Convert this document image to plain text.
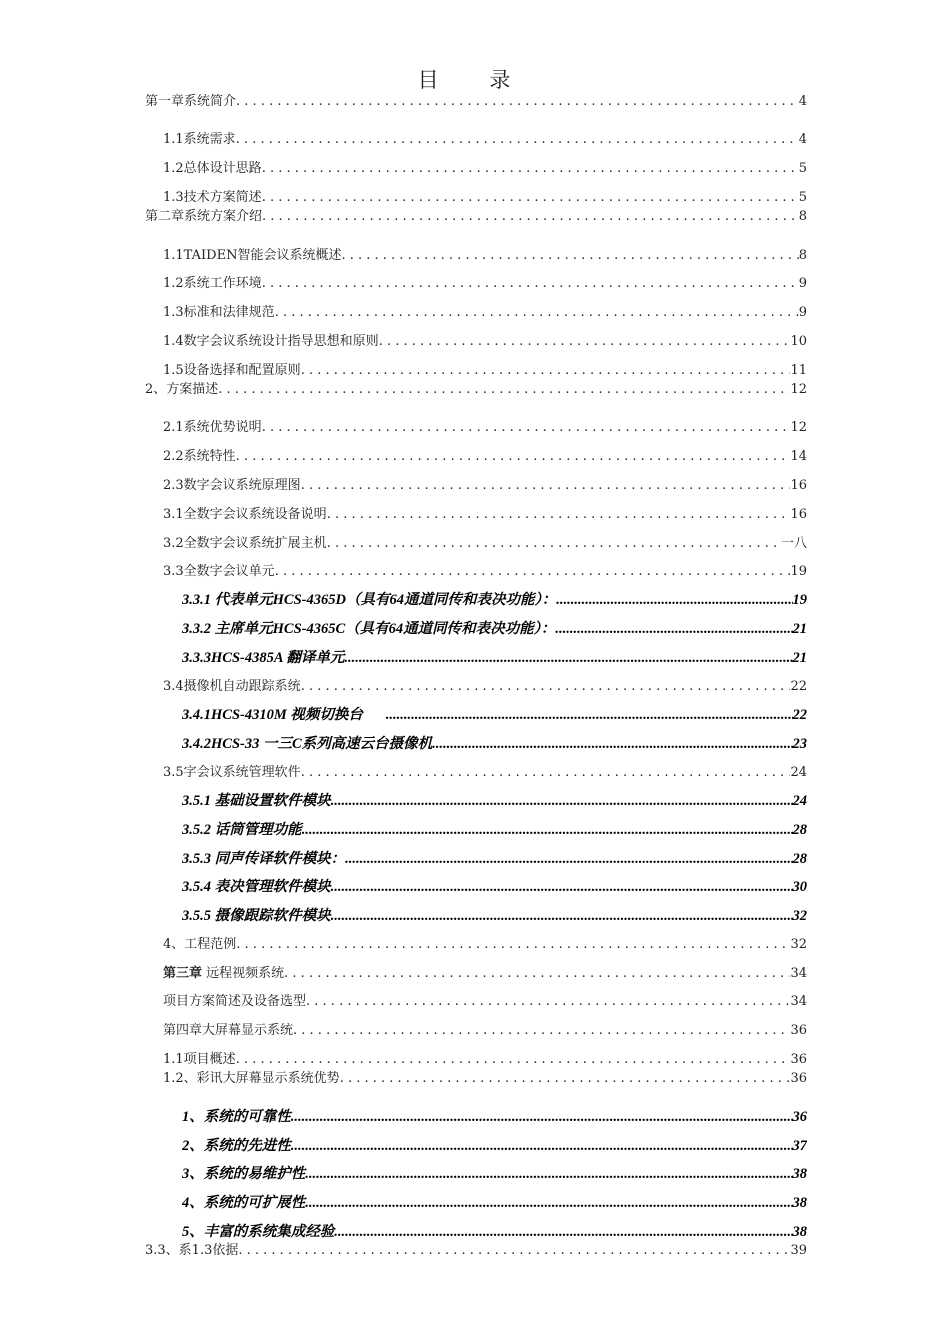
目 录
第一章系统简介 . . .	4
1.1系统需求 . . .	4
1.2总体设计思路 . . .	5
1.3技术方案简述 . . .	5
第二章系统方案介绍 . . .	8
1.1TAIDEN智能会议系统概述 . . .	8
1.2系统工作环境 . . .	9
1.3标准和法律规范 . . .	9
1.4数字会议系统设计指导思想和原则 . . .	10
1.5设备选择和配置原则 . . .	11
2、方案描述 . . .	12
2.1系统优势说明 . . .	12
2.2系统特性 . . .	14
2.3数字会议系统原理图 . . .	16
3.1全数字会议系统设备说明 . . .	16
3.2全数字会议系统扩展主机 . . .	一八
3.3全数字会议单元 . . .	19
3.3.1 代表单元HCS-4365D（具有64通道同传和表决功能）： .....	19
3.3.2 主席单元HCS-4365C（具有64通道同传和表决功能）： .....	21
3.3.3HCS-4385A 翻译单元 .....	21
3.4摄像机自动跟踪系统 . . .	22
3.4.1HCS-4310M 视频切换台 .....	22
3.4.2HCS-33 一三C系列高速云台摄像机 .....	23
3.5字会议系统管理软件 . . .	24
3.5.1 基础设置软件模块 .....	24
3.5.2 话筒管理功能 .....	28
3.5.3 同声传译软件模块： .....	28
3.5.4 表决管理软件模块 .....	30
3.5.5 摄像跟踪软件模块 .....	32
4、工程范例 . . .	32
第三章 远程视频系统 . . .	34
项目方案简述及设备选型 . . .	34
第四章大屏幕显示系统 . . .	36
1.1项目概述 . . .	36
1.2、彩讯大屏幕显示系统优势 . . .	36
1、系统的可靠性 .....	36
2、系统的先进性 .....	37
3、系统的易维护性 .....	38
4、系统的可扩展性 .....	38
5、丰富的系统集成经验 .....	38
3.3、系1.3依据 . . .	39
